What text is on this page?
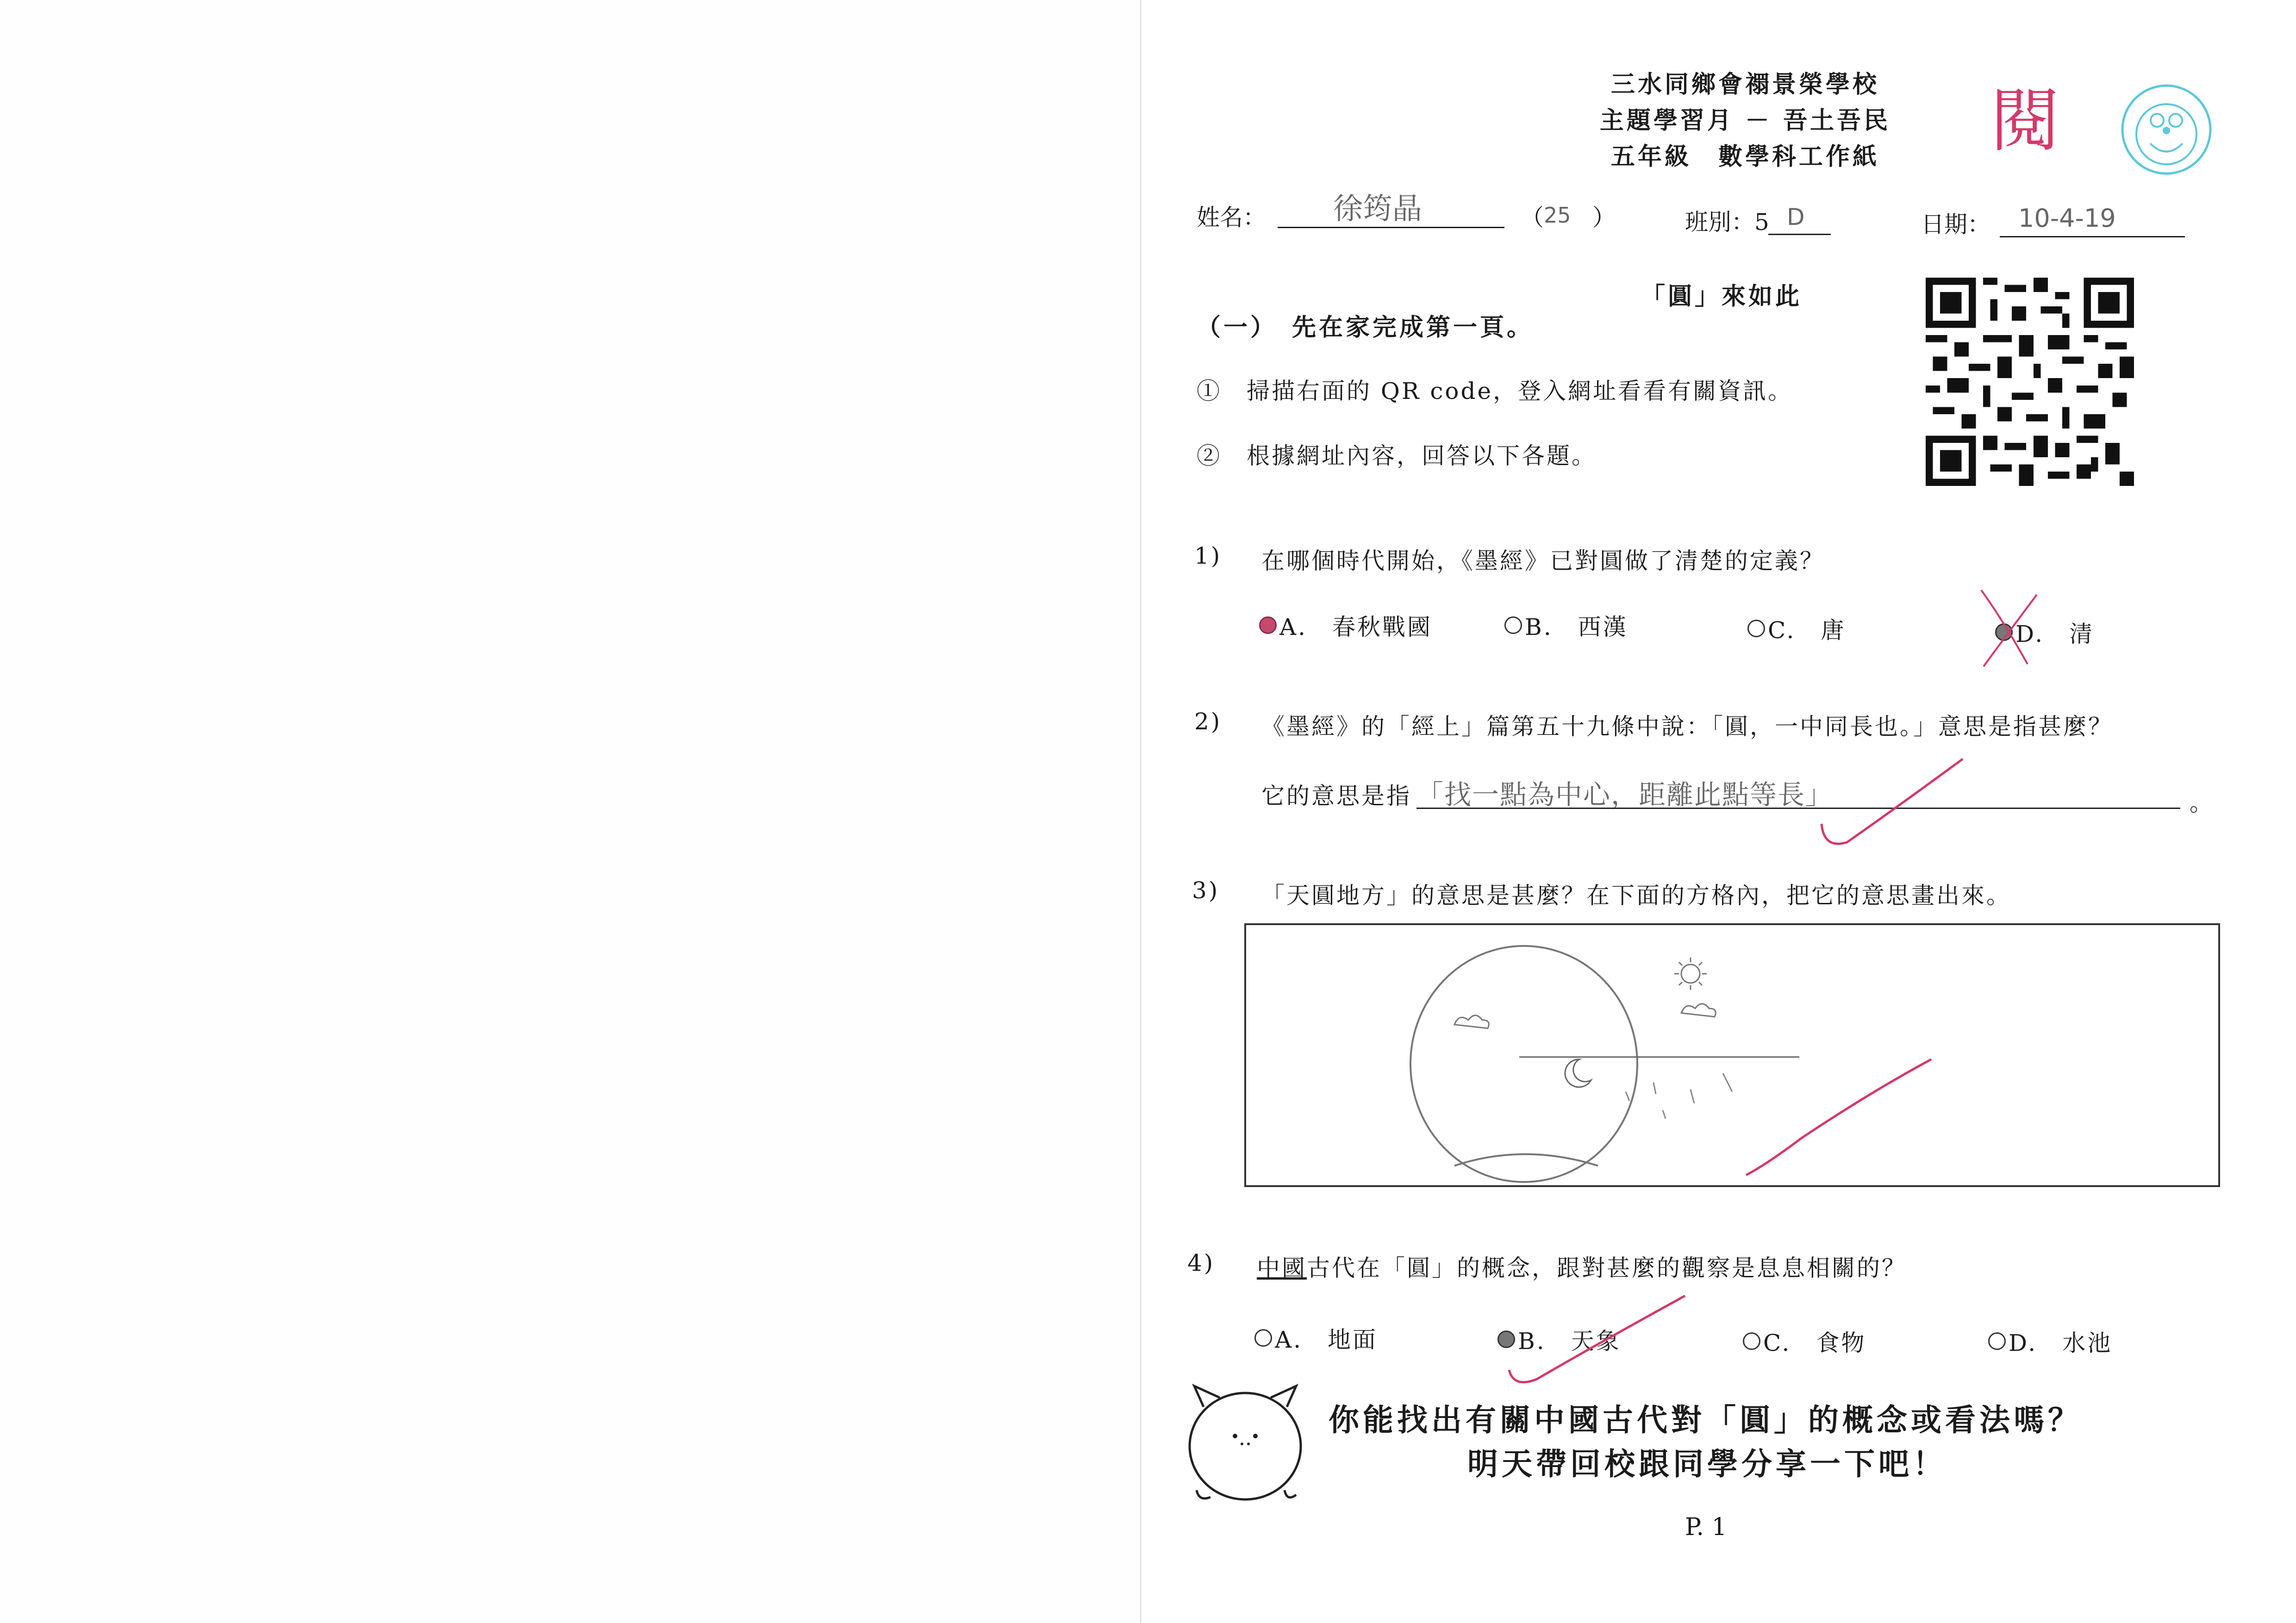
三水同鄉會禤景榮學校
主題學習月 － 吾土吾民
五年級　數學科工作紙	閱
姓名： 徐筠晶	（ 25 ）	班別：5 D	日期： 10-4-19
「圓」來如此
（一）　先在家完成第一頁。
①　掃描右面的 QR code，登入網址看看有關資訊。
②　根據網址內容，回答以下各題。
1) 在哪個時代開始，《墨經》已對圓做了清楚的定義？
A.　春秋戰國	B.　西漢	C.　唐	D.　清
2) 《墨經》的「經上」篇第五十九條中說：「圓，一中同長也。」意思是指甚麼？
它的意思是指 「找一點為中心，距離此點等長」	。
3) 「天圓地方」的意思是甚麼？在下面的方格內，把它的意思畫出來。
4) 中國古代在「圓」的概念，跟對甚麼的觀察是息息相關的？
A.　地面	B.　天象	C.　食物	D.　水池
你能找出有關中國古代對「圓」的概念或看法嗎？
明天帶回校跟同學分享一下吧！
P. 1
